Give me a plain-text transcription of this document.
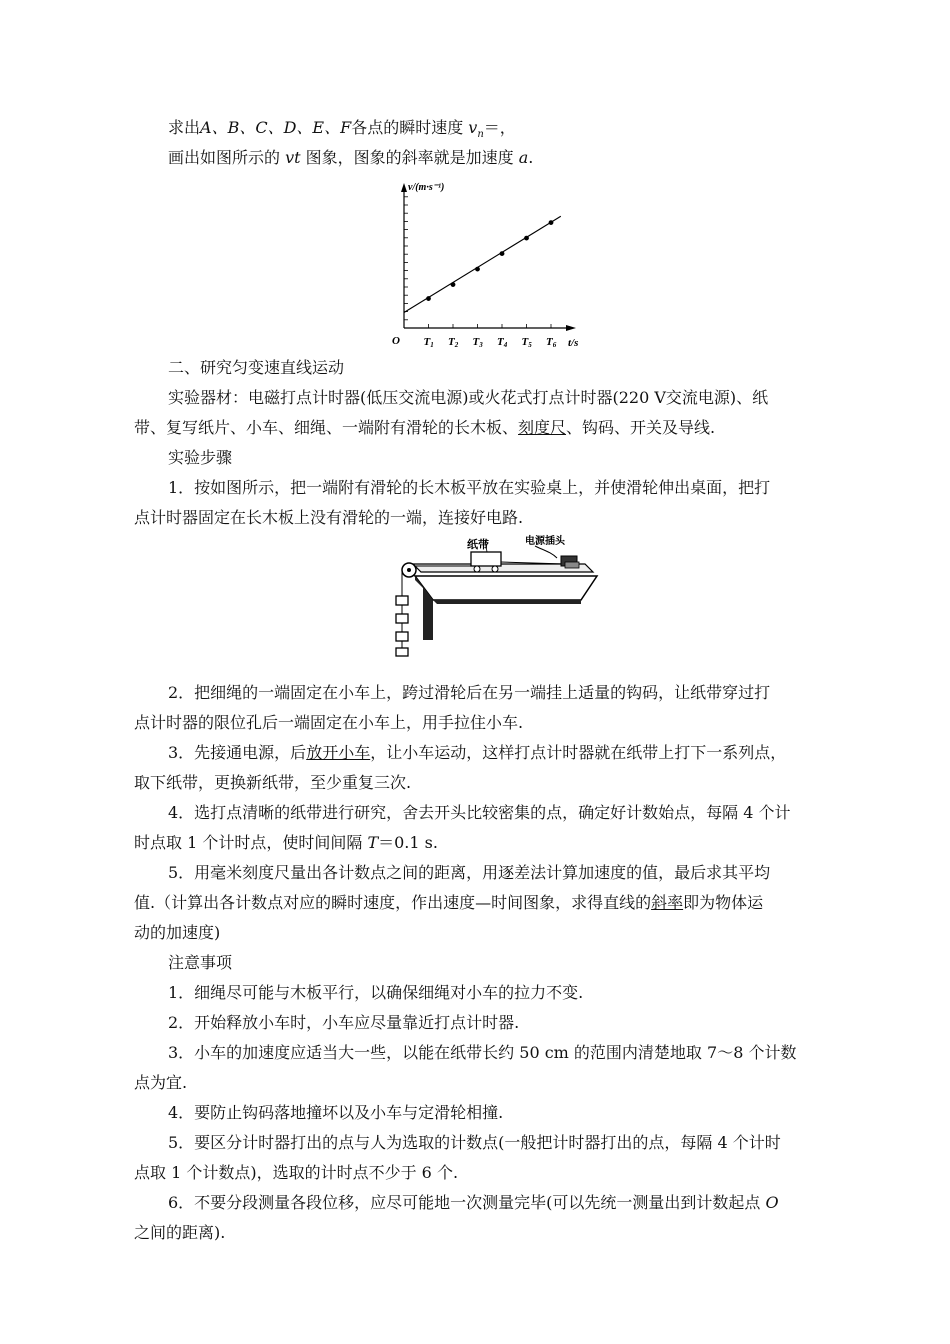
求出A、B、C、D、E、F各点的瞬时速度 $v_n=$，
画出如图所示的 vt 图象，图象的斜率就是加速度 a.
T1 T2 T3 T4 T5 T6
v/(m·s⁻¹)
O	t/s
二、研究匀变速直线运动
实验器材：电磁打点计时器(低压交流电源)或火花式打点计时器(220 V交流电源)、纸
带、复写纸片、小车、细绳、一端附有滑轮的长木板、刻度尺、钩码、开关及导线.
实验步骤
1．按如图所示，把一端附有滑轮的长木板平放在实验桌上，并使滑轮伸出桌面，把打
点计时器固定在长木板上没有滑轮的一端，连接好电路.
纸带	电源插头
2．把细绳的一端固定在小车上，跨过滑轮后在另一端挂上适量的钩码，让纸带穿过打
点计时器的限位孔后一端固定在小车上，用手拉住小车.
3．先接通电源，后放开小车，让小车运动，这样打点计时器就在纸带上打下一系列点，
取下纸带，更换新纸带，至少重复三次.
4．选打点清晰的纸带进行研究，舍去开头比较密集的点，确定好计数始点，每隔 4 个计
时点取 1 个计时点，使时间间隔 T＝0.1 s.
5．用毫米刻度尺量出各计数点之间的距离，用逐差法计算加速度的值，最后求其平均
值.（计算出各计数点对应的瞬时速度，作出速度—时间图象，求得直线的斜率即为物体运
动的加速度)
注意事项
1．细绳尽可能与木板平行，以确保细绳对小车的拉力不变.
2．开始释放小车时，小车应尽量靠近打点计时器.
3．小车的加速度应适当大一些，以能在纸带长约 50 cm 的范围内清楚地取 7～8 个计数
点为宜.
4．要防止钩码落地撞坏以及小车与定滑轮相撞.
5．要区分计时器打出的点与人为选取的计数点(一般把计时器打出的点，每隔 4 个计时
点取 1 个计数点)，选取的计时点不少于 6 个.
6．不要分段测量各段位移，应尽可能地一次测量完毕(可以先统一测量出到计数起点 O
之间的距离).
